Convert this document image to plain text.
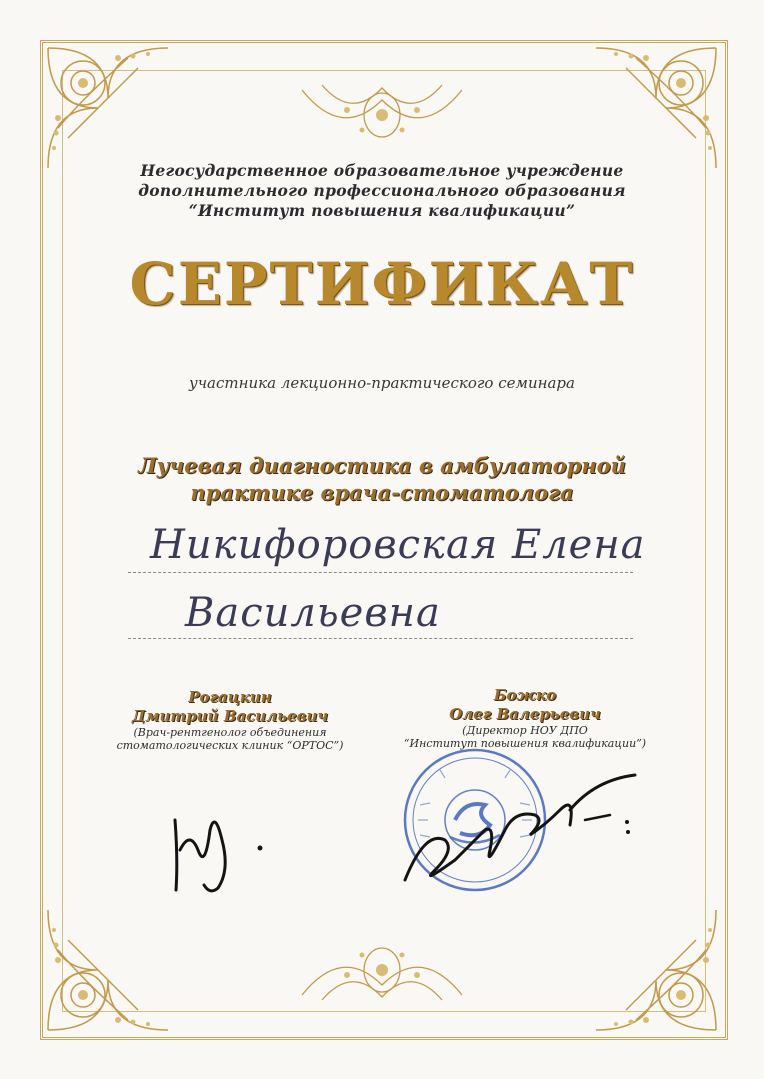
Негосударственное образовательное учреждение
дополнительного профессионального образования
“Институт повышения квалификации”
СЕРТИФИКАТ
участника лекционно-практического семинара
Лучевая диагностика в амбулаторной
практике врача-стоматолога
Никифоровская Елена
Васильевна
Рогацкин
Дмитрий Васильевич
(Врач-рентгенолог объединения
стоматологических клиник “ОРТОС”)
Божко
Олег Валерьевич
(Директор НОУ ДПО
“Институт повышения квалификации”)
